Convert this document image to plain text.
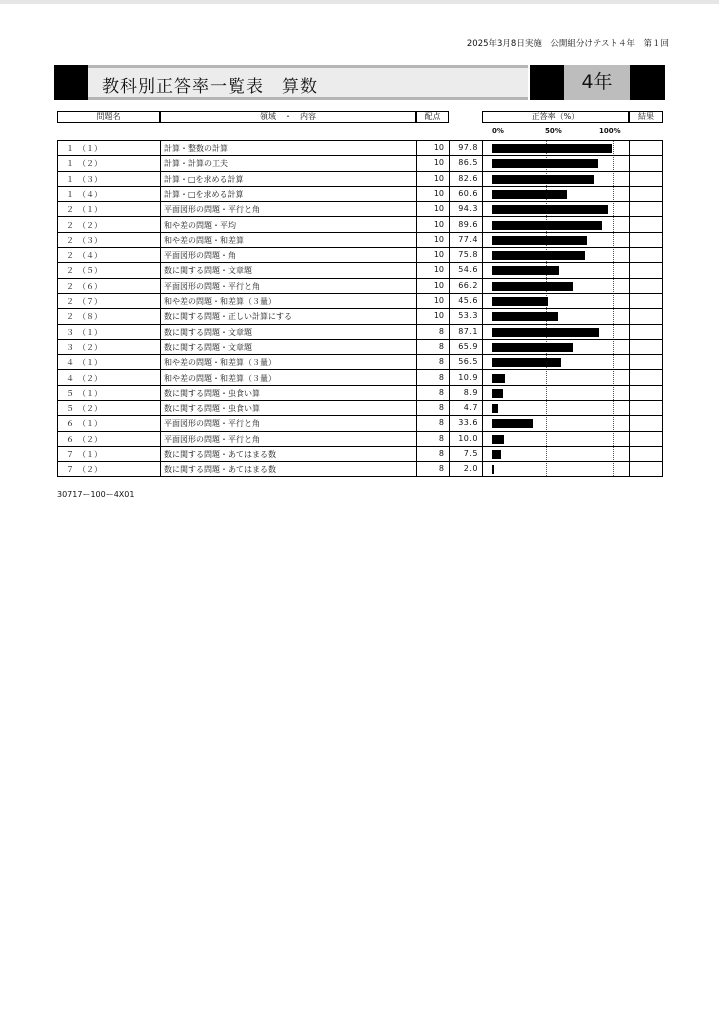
2025年3月8日実施　公開組分けテスト４年　第１回
教科別正答率一覧表　算数	4年
問題名	領域　・　内容	配点	正答率（%）	結果
0%	50%	100%
１　（１）	計算・整数の計算	10	97.8
１　（２）	計算・計算の工夫	10	86.5
１　（３）	計算・□を求める計算	10	82.6
１　（４）	計算・□を求める計算	10	60.6
２　（１）	平面図形の問題・平行と角	10	94.3
２　（２）	和や差の問題・平均	10	89.6
２　（３）	和や差の問題・和差算	10	77.4
２　（４）	平面図形の問題・角	10	75.8
２　（５）	数に関する問題・文章題	10	54.6
２　（６）	平面図形の問題・平行と角	10	66.2
２　（７）	和や差の問題・和差算（３量）	10	45.6
２　（８）	数に関する問題・正しい計算にする	10	53.3
３　（１）	数に関する問題・文章題	8	87.1
３　（２）	数に関する問題・文章題	8	65.9
４　（１）	和や差の問題・和差算（３量）	8	56.5
４　（２）	和や差の問題・和差算（３量）	8	10.9
５　（１）	数に関する問題・虫食い算	8	8.9
５　（２）	数に関する問題・虫食い算	8	4.7
６　（１）	平面図形の問題・平行と角	8	33.6
６　（２）	平面図形の問題・平行と角	8	10.0
７　（１）	数に関する問題・あてはまる数	8	7.5
７　（２）	数に関する問題・あてはまる数	8	2.0
30717ー100ー4X01
